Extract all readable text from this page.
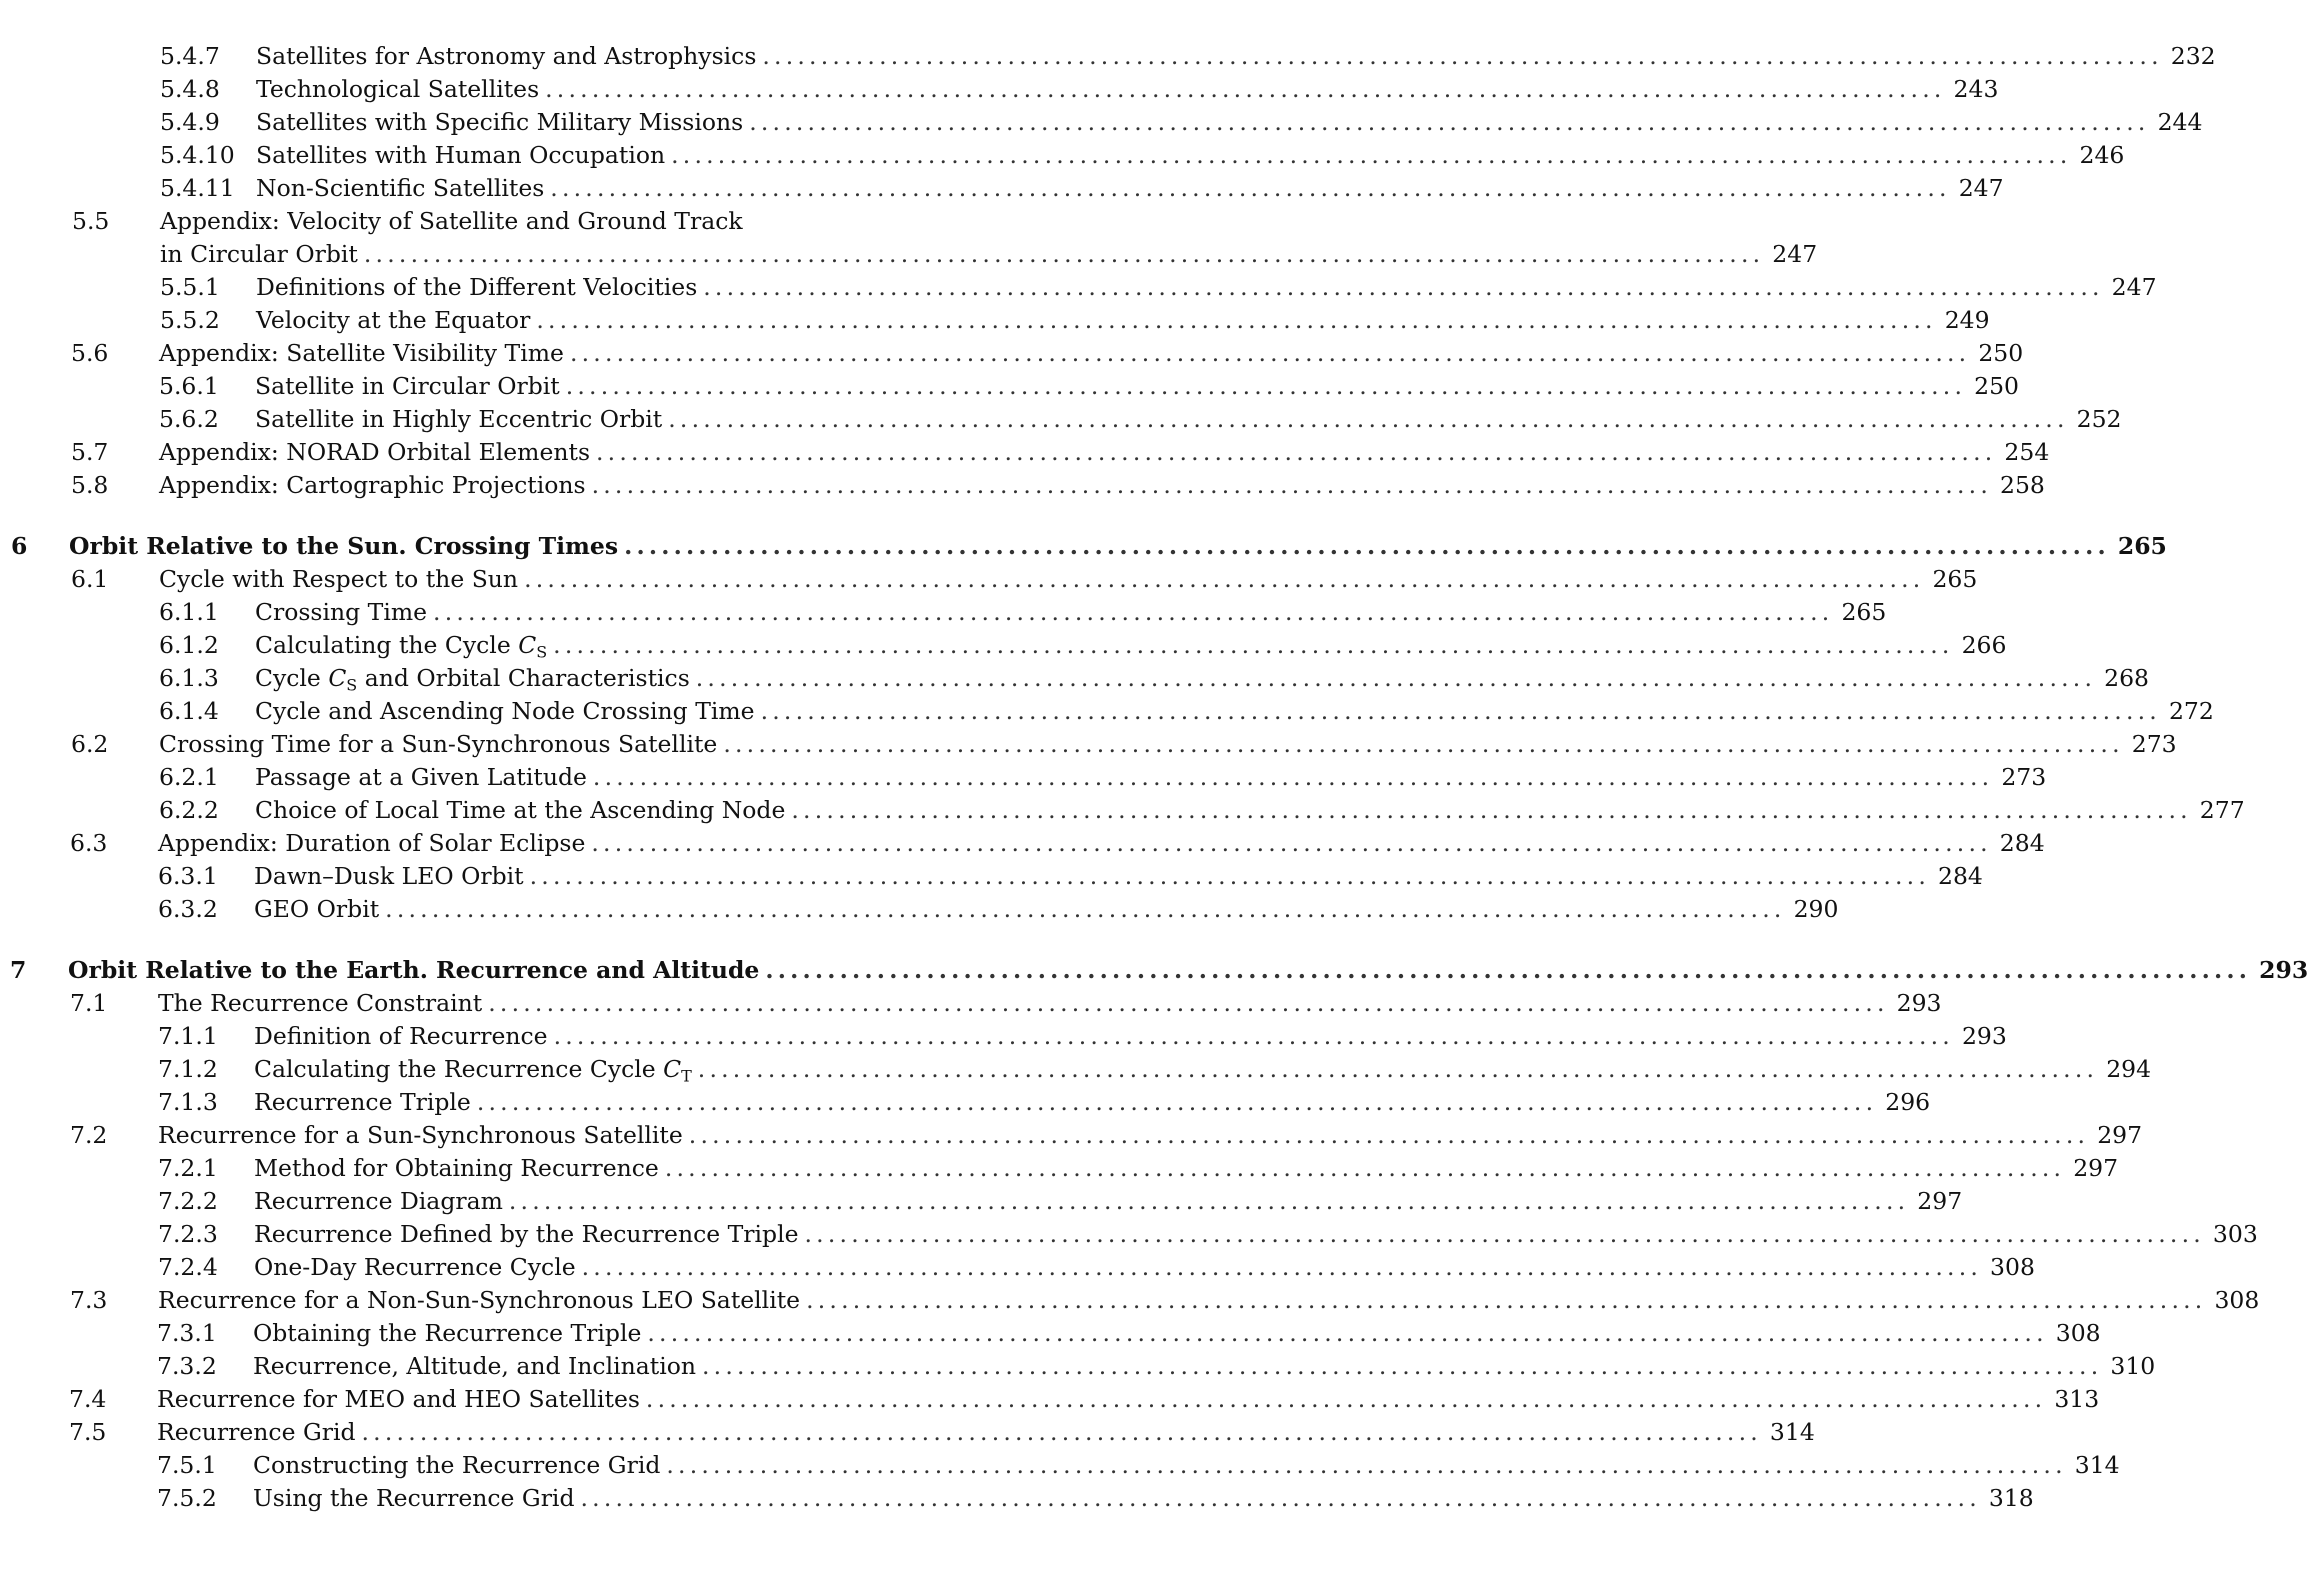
5.4.7 Satellites for Astronomy and Astrophysics ........................................................................................................................ 232
5.4.8 Technological Satellites ........................................................................................................................ 243
5.4.9 Satellites with Specific Military Missions ........................................................................................................................ 244
5.4.10 Satellites with Human Occupation ........................................................................................................................ 246
5.4.11 Non-Scientific Satellites ........................................................................................................................ 247
5.5 Appendix: Velocity of Satellite and Ground Track
in Circular Orbit ........................................................................................................................ 247
5.5.1 Definitions of the Different Velocities ........................................................................................................................ 247
5.5.2 Velocity at the Equator ........................................................................................................................ 249
5.6 Appendix: Satellite Visibility Time ........................................................................................................................ 250
5.6.1 Satellite in Circular Orbit ........................................................................................................................ 250
5.6.2 Satellite in Highly Eccentric Orbit ........................................................................................................................ 252
5.7 Appendix: NORAD Orbital Elements ........................................................................................................................ 254
5.8 Appendix: Cartographic Projections ........................................................................................................................ 258
6 Orbit Relative to the Sun. Crossing Times ........................................................................................................................ 265
6.1 Cycle with Respect to the Sun ........................................................................................................................ 265
6.1.1 Crossing Time ........................................................................................................................ 265
6.1.2 Calculating the Cycle $C_S$ ........................................................................................................................ 266
6.1.3 Cycle $C_S$ and Orbital Characteristics ........................................................................................................................ 268
6.1.4 Cycle and Ascending Node Crossing Time ........................................................................................................................ 272
6.2 Crossing Time for a Sun-Synchronous Satellite ........................................................................................................................ 273
6.2.1 Passage at a Given Latitude ........................................................................................................................ 273
6.2.2 Choice of Local Time at the Ascending Node ........................................................................................................................ 277
6.3 Appendix: Duration of Solar Eclipse ........................................................................................................................ 284
6.3.1 Dawn–Dusk LEO Orbit ........................................................................................................................ 284
6.3.2 GEO Orbit ........................................................................................................................ 290
7 Orbit Relative to the Earth. Recurrence and Altitude ........................................................................................................................ 293
7.1 The Recurrence Constraint ........................................................................................................................ 293
7.1.1 Definition of Recurrence ........................................................................................................................ 293
7.1.2 Calculating the Recurrence Cycle $C_T$ ........................................................................................................................ 294
7.1.3 Recurrence Triple ........................................................................................................................ 296
7.2 Recurrence for a Sun-Synchronous Satellite ........................................................................................................................ 297
7.2.1 Method for Obtaining Recurrence ........................................................................................................................ 297
7.2.2 Recurrence Diagram ........................................................................................................................ 297
7.2.3 Recurrence Defined by the Recurrence Triple ........................................................................................................................ 303
7.2.4 One-Day Recurrence Cycle ........................................................................................................................ 308
7.3 Recurrence for a Non-Sun-Synchronous LEO Satellite ........................................................................................................................ 308
7.3.1 Obtaining the Recurrence Triple ........................................................................................................................ 308
7.3.2 Recurrence, Altitude, and Inclination ........................................................................................................................ 310
7.4 Recurrence for MEO and HEO Satellites ........................................................................................................................ 313
7.5 Recurrence Grid ........................................................................................................................ 314
7.5.1 Constructing the Recurrence Grid ........................................................................................................................ 314
7.5.2 Using the Recurrence Grid ........................................................................................................................ 318
